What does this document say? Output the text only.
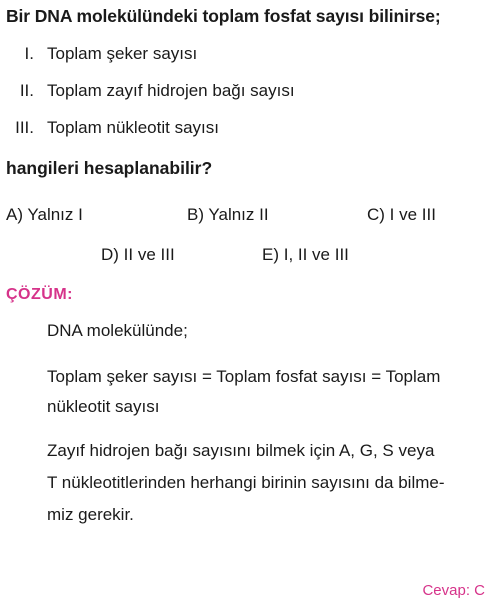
Bir DNA molekülündeki toplam fosfat sayısı bilinirse;
I. Toplam şeker sayısı
II. Toplam zayıf hidrojen bağı sayısı
III. Toplam nükleotit sayısı
hangileri hesaplanabilir?
A) Yalnız I	B) Yalnız II	C) I ve III
D) II ve III	E) I, II ve III
ÇÖZÜM:
DNA molekülünde;
Toplam şeker sayısı = Toplam fosfat sayısı = Toplam
nükleotit sayısı
Zayıf hidrojen bağı sayısını bilmek için A, G, S veya
T nükleotitlerinden herhangi birinin sayısını da bilme-
miz gerekir.
Cevap: C
